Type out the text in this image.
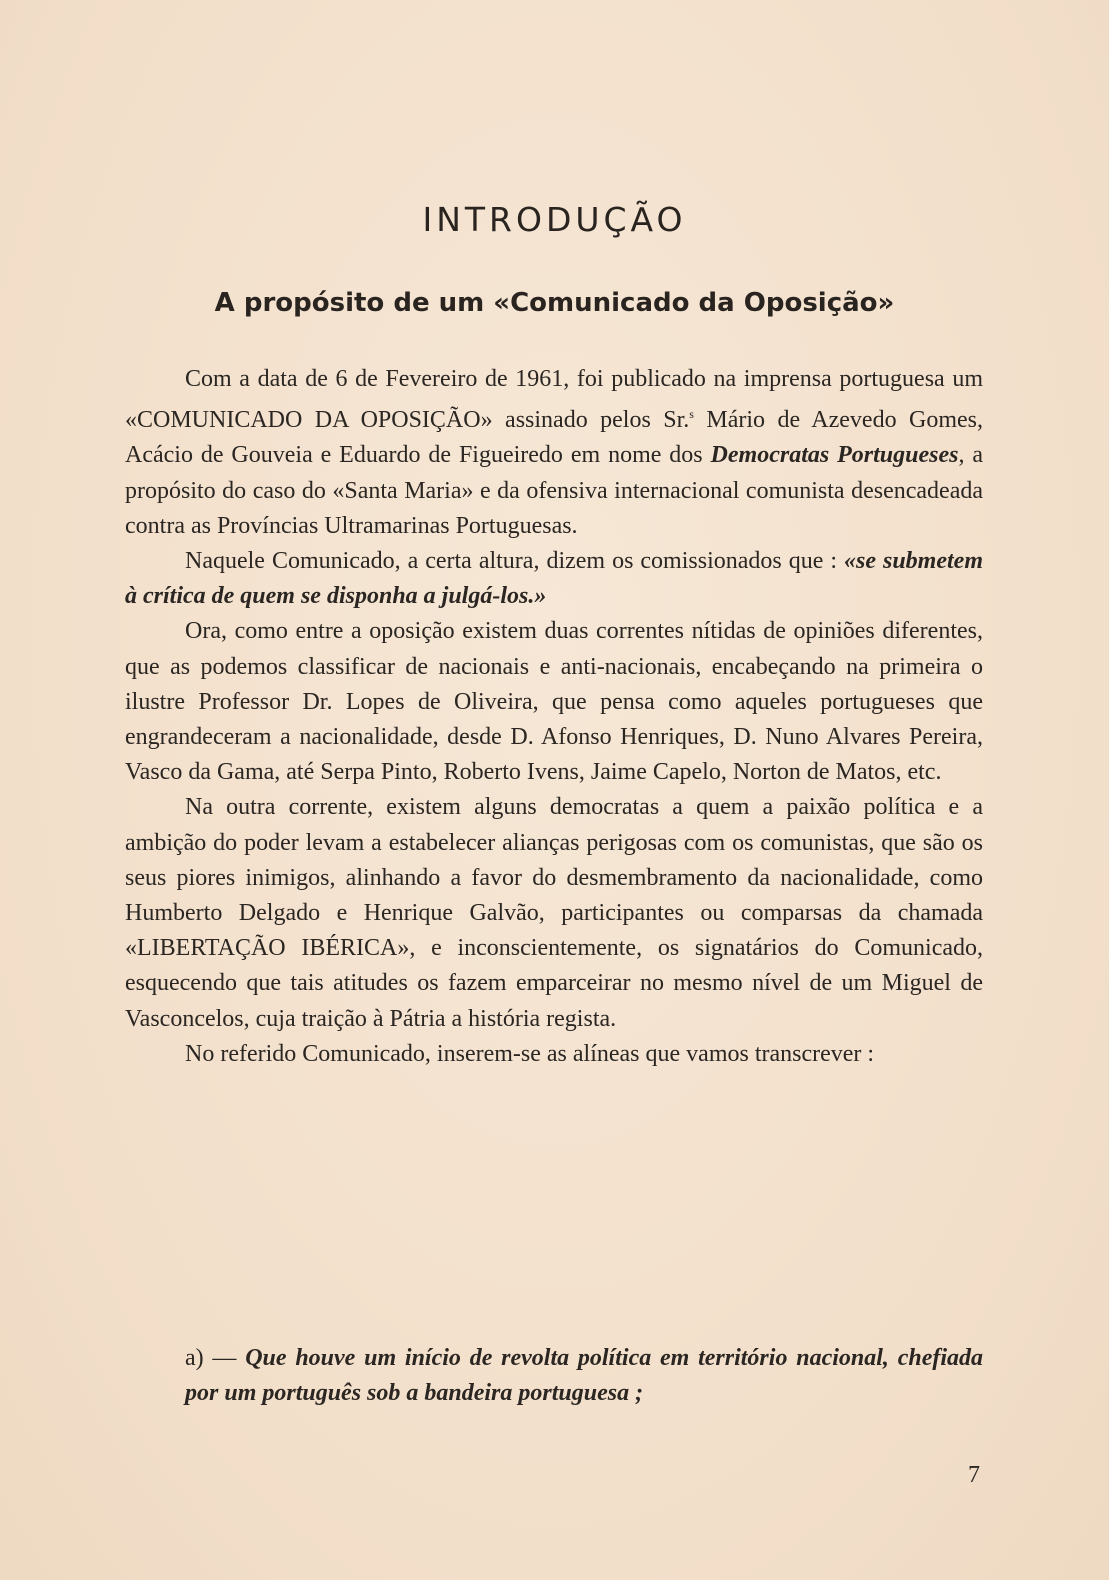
INTRODUÇÃO
A propósito de um «Comunicado da Oposição»

Com a data de 6 de Fevereiro de 1961, foi publicado na imprensa portuguesa um «COMUNICADO DA OPOSIÇÃO» assinado pelos Sr.$^s$ Mário de Azevedo Gomes, Acácio de Gouveia e Eduardo de Figueiredo em nome dos Democratas Portugueses, a propósito do caso do «Santa Maria» e da ofensiva internacional comunista desencadeada contra as Províncias Ultramarinas Portuguesas.

Naquele Comunicado, a certa altura, dizem os comissionados que : «se submetem à crítica de quem se disponha a julgá-los.»

Ora, como entre a oposição existem duas correntes nítidas de opiniões diferentes, que as podemos classificar de nacionais e anti-nacionais, encabeçando na primeira o ilustre Professor Dr. Lopes de Oliveira, que pensa como aqueles portugueses que engrandeceram a nacionalidade, desde D. Afonso Henriques, D. Nuno Alvares Pereira, Vasco da Gama, até Serpa Pinto, Roberto Ivens, Jaime Capelo, Norton de Matos, etc.

Na outra corrente, existem alguns democratas a quem a paixão política e a ambição do poder levam a estabelecer alianças perigosas com os comunistas, que são os seus piores inimigos, alinhando a favor do desmembramento da nacionalidade, como Humberto Delgado e Henrique Galvão, participantes ou comparsas da chamada «LIBERTAÇÃO IBÉRICA», e inconscientemente, os signatários do Comunicado, esquecendo que tais atitudes os fazem emparceirar no mesmo nível de um Miguel de Vasconcelos, cuja traição à Pátria a história regista.

No referido Comunicado, inserem-se as alíneas que vamos transcrever :

a) — Que houve um início de revolta política em território nacional, chefiada por um português sob a bandeira portuguesa ;
7
